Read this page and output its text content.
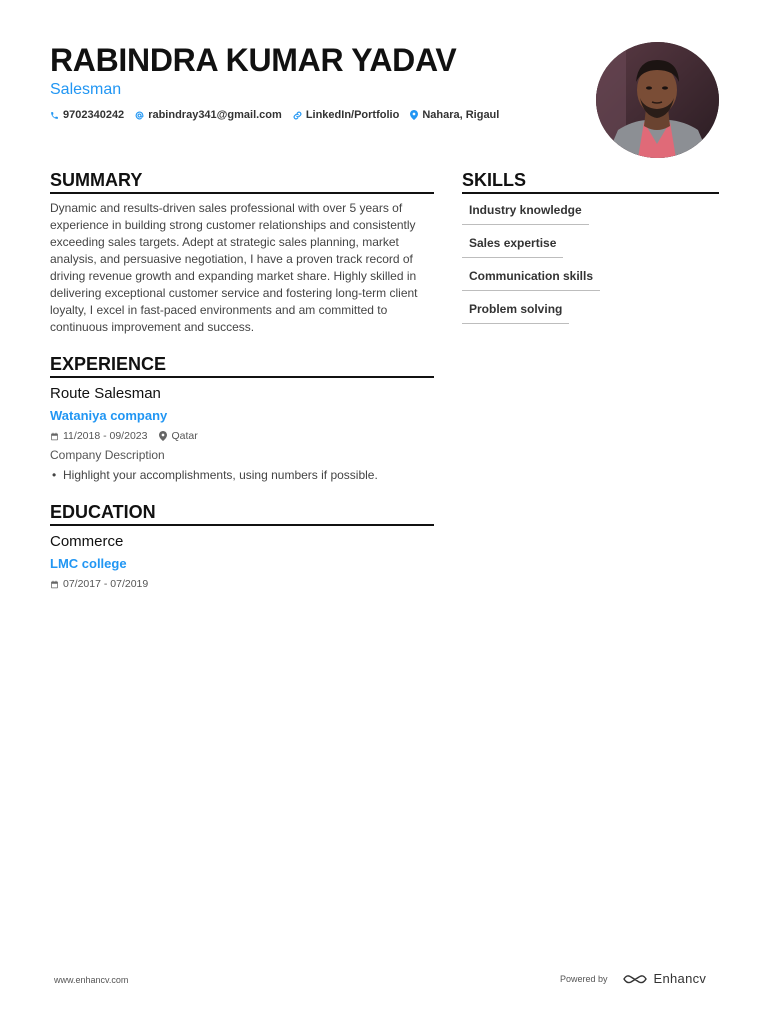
RABINDRA KUMAR YADAV
Salesman
9702340242 rabindray341@gmail.com LinkedIn/Portfolio Nahara, Rigaul
SUMMARY

Dynamic and results-driven sales professional with over 5 years of experience in building strong customer relationships and consistently exceeding sales targets. Adept at strategic sales planning, market analysis, and persuasive negotiation, I have a proven track record of driving revenue growth and expanding market share. Highly skilled in delivering exceptional customer service and fostering long-term client loyalty, I excel in fast-paced environments and am committed to continuous improvement and success.

EXPERIENCE
Route Salesman
Wataniya company
11/2018 - 09/2023 Qatar
Company Description
• Highlight your accomplishments, using numbers if possible.
EDUCATION
Commerce
LMC college
07/2017 - 07/2019
SKILLS
Industry knowledge
Sales expertise
Communication skills
Problem solving
www.enhancv.com	Powered by	Enhancv
